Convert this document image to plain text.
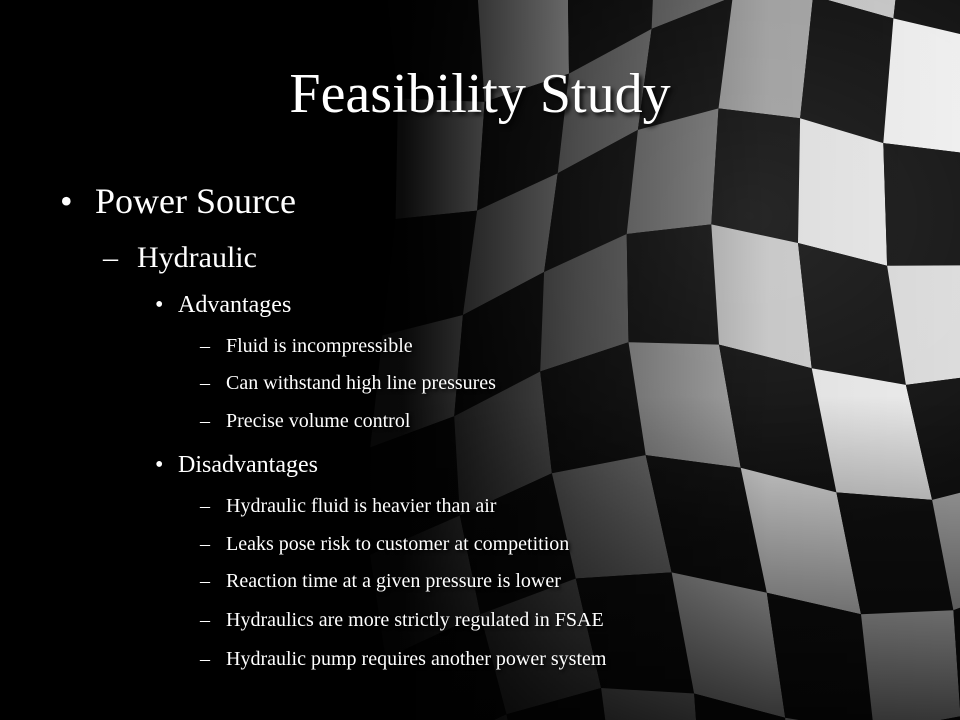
Feasibility Study
• Power Source
– Hydraulic
• Advantages
– Fluid is incompressible
– Can withstand high line pressures
– Precise volume control
• Disadvantages
– Hydraulic fluid is heavier than air
– Leaks pose risk to customer at competition
– Reaction time at a given pressure is lower
– Hydraulics are more strictly regulated in FSAE
– Hydraulic pump requires another power system
